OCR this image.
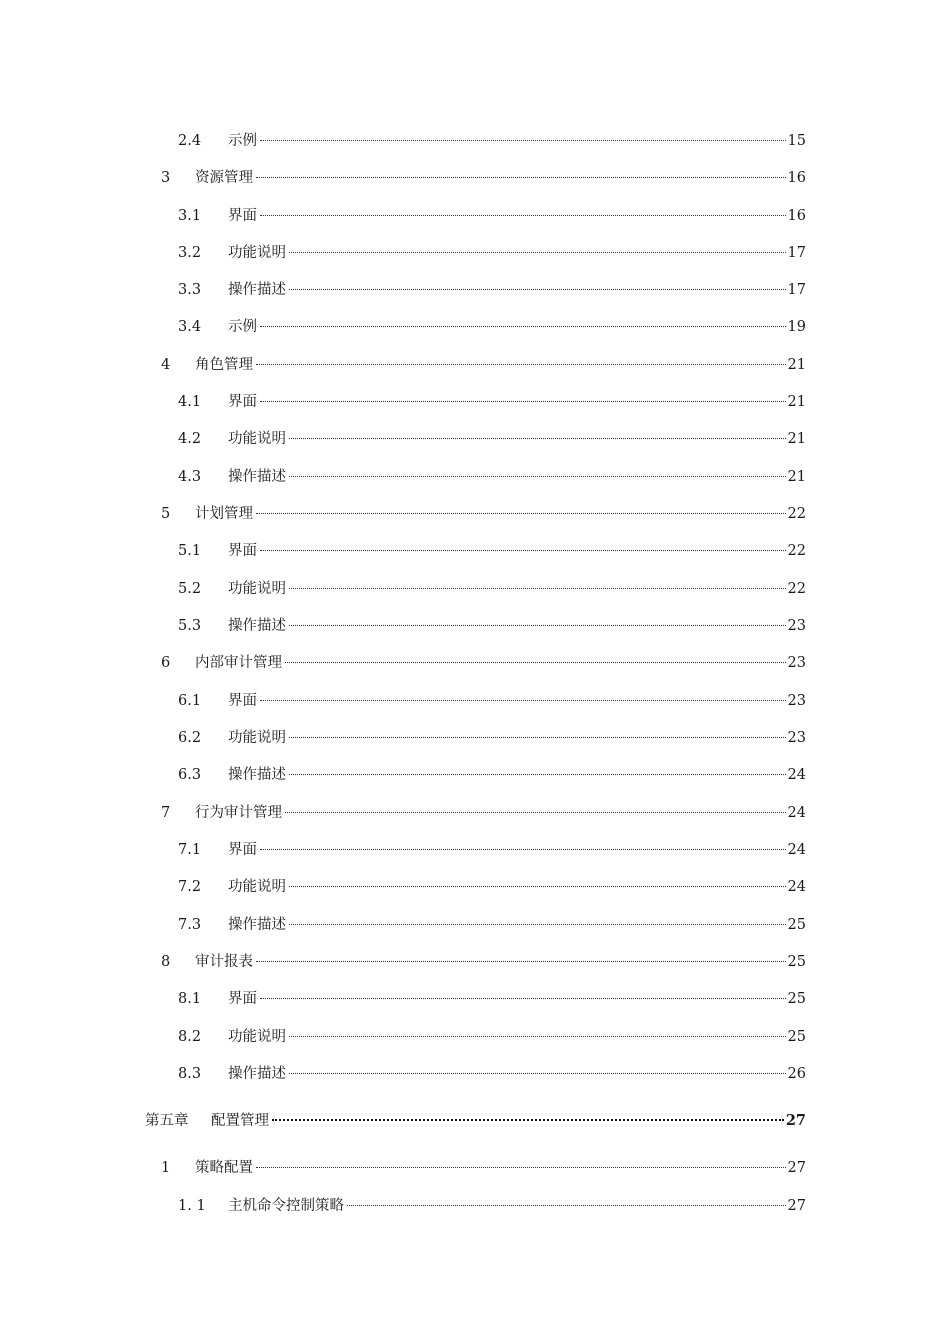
2.4	示例	15
3	资源管理	16
3.1	界面	16
3.2	功能说明	17
3.3	操作描述	17
3.4	示例	19
4	角色管理	21
4.1	界面	21
4.2	功能说明	21
4.3	操作描述	21
5	计划管理	22
5.1	界面	22
5.2	功能说明	22
5.3	操作描述	23
6	内部审计管理	23
6.1	界面	23
6.2	功能说明	23
6.3	操作描述	24
7	行为审计管理	24
7.1	界面	24
7.2	功能说明	24
7.3	操作描述	25
8	审计报表	25
8.1	界面	25
8.2	功能说明	25
8.3	操作描述	26
第五章	配置管理	27
1	策略配置	27
1. 1	主机命令控制策略	27
